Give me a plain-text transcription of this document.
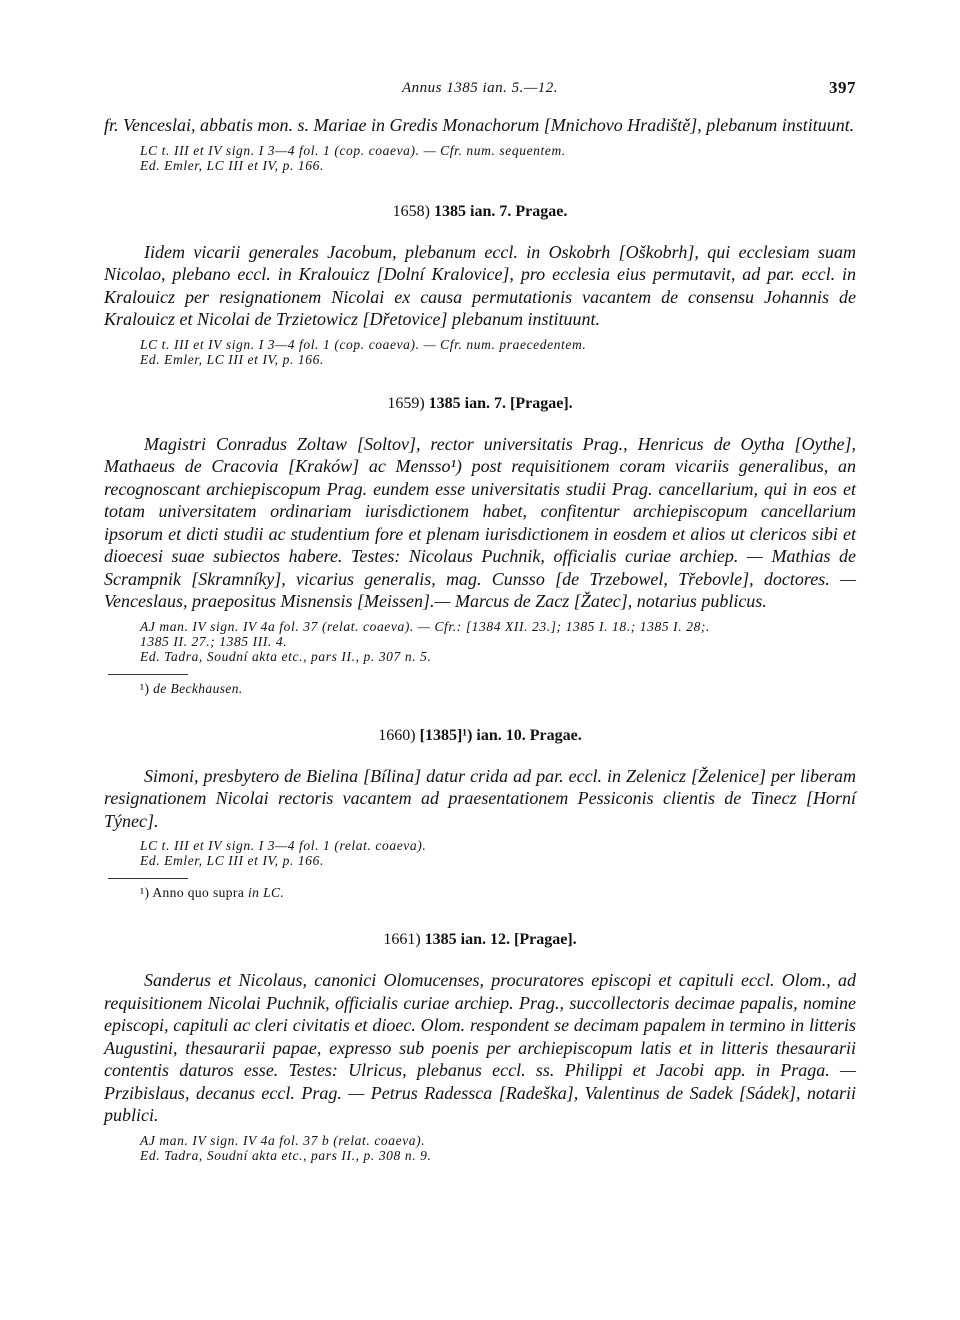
Annus 1385 ian. 5.—12.	397

fr. Venceslai, abbatis mon. s. Mariae in Gredis Monachorum [Mnichovo Hradiště], plebanum instituunt.

LC t. III et IV sign. I 3—4 fol. 1 (cop. coaeva). — Cfr. num. sequentem.
Ed. Emler, LC III et IV, p. 166.

1658) 1385 ian. 7. Pragae.

Iidem vicarii generales Jacobum, plebanum eccl. in Oskobrh [Oškobrh], qui ecclesiam suam Nicolao, plebano eccl. in Kralouicz [Dolní Kralovice], pro ecclesia eius permutavit, ad par. eccl. in Kralouicz per resignationem Nicolai ex causa permutationis vacantem de consensu Johannis de Kralouicz et Nicolai de Trzietowicz [Dřetovice] plebanum instituunt.

LC t. III et IV sign. I 3—4 fol. 1 (cop. coaeva). — Cfr. num. praecedentem.
Ed. Emler, LC III et IV, p. 166.

1659) 1385 ian. 7. [Pragae].

Magistri Conradus Zoltaw [Soltov], rector universitatis Prag., Henricus de Oytha [Oythe], Mathaeus de Cracovia [Kraków] ac Mensso¹) post requisitionem coram vicariis generalibus, an recognoscant archiepiscopum Prag. eundem esse universitatis studii Prag. cancellarium, qui in eos et totam universitatem ordinariam iurisdictionem habet, confitentur archiepiscopum cancellarium ipsorum et dicti studii ac studentium fore et plenam iurisdictionem in eosdem et alios ut clericos sibi et dioecesi suae subiectos habere. Testes: Nicolaus Puchnik, officialis curiae archiep. — Mathias de Scrampnik [Skramníky], vicarius generalis, mag. Cunsso [de Trzebowel, Třebovle], doctores. — Venceslaus, praepositus Misnensis [Meissen].— Marcus de Zacz [Žatec], notarius publicus.

AJ man. IV sign. IV 4a fol. 37 (relat. coaeva). — Cfr.: [1384 XII. 23.]; 1385 I. 18.; 1385 I. 28;.
1385 II. 27.; 1385 III. 4.
Ed. Tadra, Soudní akta etc., pars II., p. 307 n. 5.

¹) de Beckhausen.

1660) [1385]¹) ian. 10. Pragae.

Simoni, presbytero de Bielina [Bílina] datur crida ad par. eccl. in Zelenicz [Želenice] per liberam resignationem Nicolai rectoris vacantem ad praesentationem Pessiconis clientis de Tinecz [Horní Týnec].

LC t. III et IV sign. I 3—4 fol. 1 (relat. coaeva).
Ed. Emler, LC III et IV, p. 166.

¹) Anno quo supra in LC.

1661) 1385 ian. 12. [Pragae].

Sanderus et Nicolaus, canonici Olomucenses, procuratores episcopi et capituli eccl. Olom., ad requisitionem Nicolai Puchnik, officialis curiae archiep. Prag., succollectoris decimae papalis, nomine episcopi, capituli ac cleri civitatis et dioec. Olom. respondent se decimam papalem in termino in litteris Augustini, thesaurarii papae, expresso sub poenis per archiepiscopum latis et in litteris thesaurarii contentis daturos esse. Testes: Ulricus, plebanus eccl. ss. Philippi et Jacobi app. in Praga. — Przibislaus, decanus eccl. Prag. — Petrus Radessca [Radeška], Valentinus de Sadek [Sádek], notarii publici.

AJ man. IV sign. IV 4a fol. 37 b (relat. coaeva).
Ed. Tadra, Soudní akta etc., pars II., p. 308 n. 9.
